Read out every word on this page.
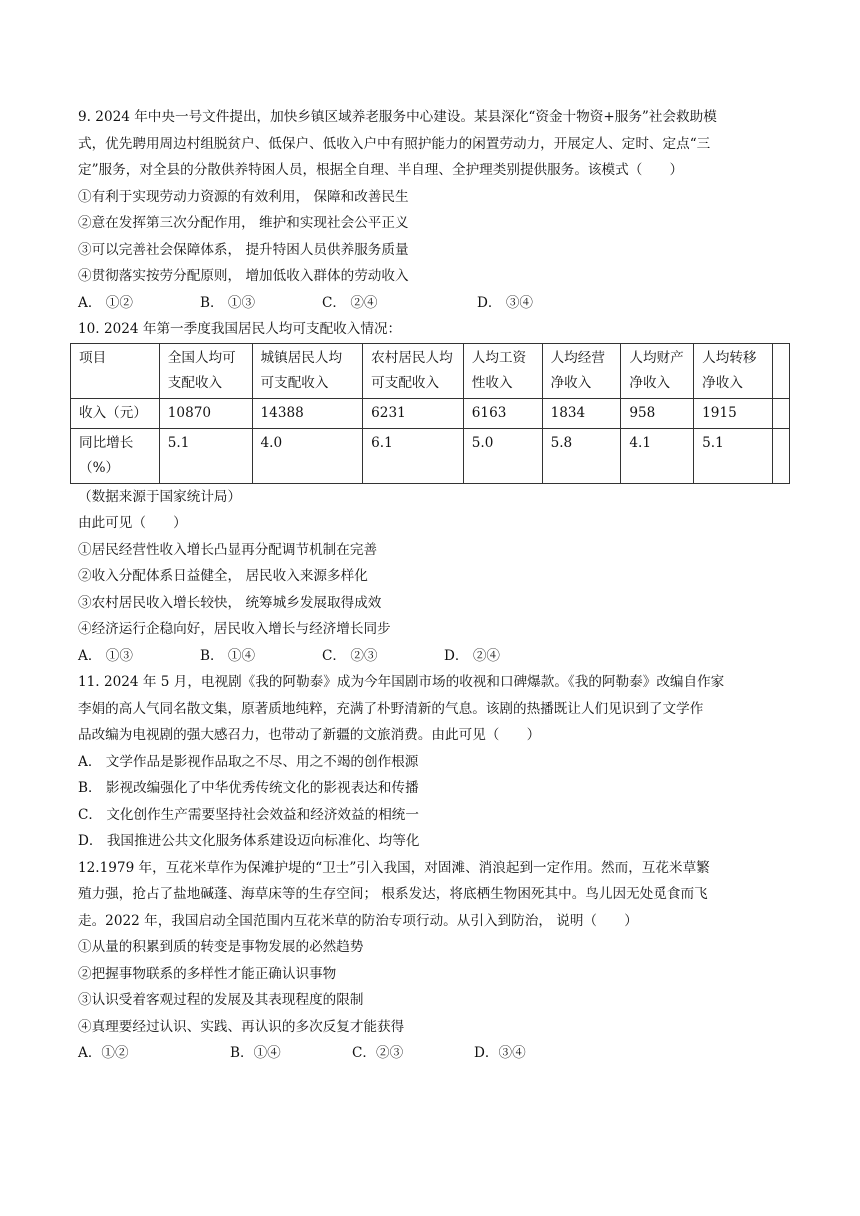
9. 2024 年中央一号文件提出，加快乡镇区域养老服务中心建设。某县深化“资金十物资+服务”社会救助模
式，优先聘用周边村组脱贫户、低保户、低收入户中有照护能力的闲置劳动力，开展定人、定时、定点“三
定”服务，对全县的分散供养特困人员，根据全自理、半自理、全护理类别提供服务。该模式（　　）
①有利于实现劳动力资源的有效利用， 保障和改善民生
②意在发挥第三次分配作用， 维护和实现社会公平正义
③可以完善社会保障体系， 提升特困人员供养服务质量
④贯彻落实按劳分配原则， 增加低收入群体的劳动收入
A． ①②	B． ①③	C． ②④	D． ③④
10. 2024 年第一季度我国居民人均可支配收入情况：
项目	全国人均可支配收入	城镇居民人均可支配收入	农村居民人均可支配收入	人均工资性收入	人均经营净收入	人均财产净收入	人均转移净收入	
收入（元）	10870	14388	6231	6163	1834	958	1915	
同比增长（%）	5.1	4.0	6.1	5.0	5.8	4.1	5.1	
（数据来源于国家统计局）
由此可见（　　）
①居民经营性收入增长凸显再分配调节机制在完善
②收入分配体系日益健全， 居民收入来源多样化
③农村居民收入增长较快， 统筹城乡发展取得成效
④经济运行企稳向好，居民收入增长与经济增长同步
A． ①③	B． ①④	C． ②③	D． ②④
11. 2024 年 5 月，电视剧《我的阿勒泰》成为今年国剧市场的收视和口碑爆款。《我的阿勒泰》改编自作家
李娟的高人气同名散文集，原著质地纯粹，充满了朴野清新的气息。该剧的热播既让人们见识到了文学作
品改编为电视剧的强大感召力，也带动了新疆的文旅消费。由此可见（　　）
A． 文学作品是影视作品取之不尽、用之不竭的创作根源
B． 影视改编强化了中华优秀传统文化的影视表达和传播
C． 文化创作生产需要坚持社会效益和经济效益的相统一
D． 我国推进公共文化服务体系建设迈向标准化、均等化
12.1979 年，互花米草作为保滩护堤的“卫士”引入我国，对固滩、消浪起到一定作用。然而，互花米草繁
殖力强，抢占了盐地碱蓬、海草床等的生存空间； 根系发达，将底栖生物困死其中。鸟儿因无处觅食而飞
走。2022 年，我国启动全国范围内互花米草的防治专项行动。从引入到防治， 说明（　　）
①从量的积累到质的转变是事物发展的必然趋势
②把握事物联系的多样性才能正确认识事物
③认识受着客观过程的发展及其表现程度的限制
④真理要经过认识、实践、再认识的多次反复才能获得
A．①②	B．①④	C．②③	D．③④
